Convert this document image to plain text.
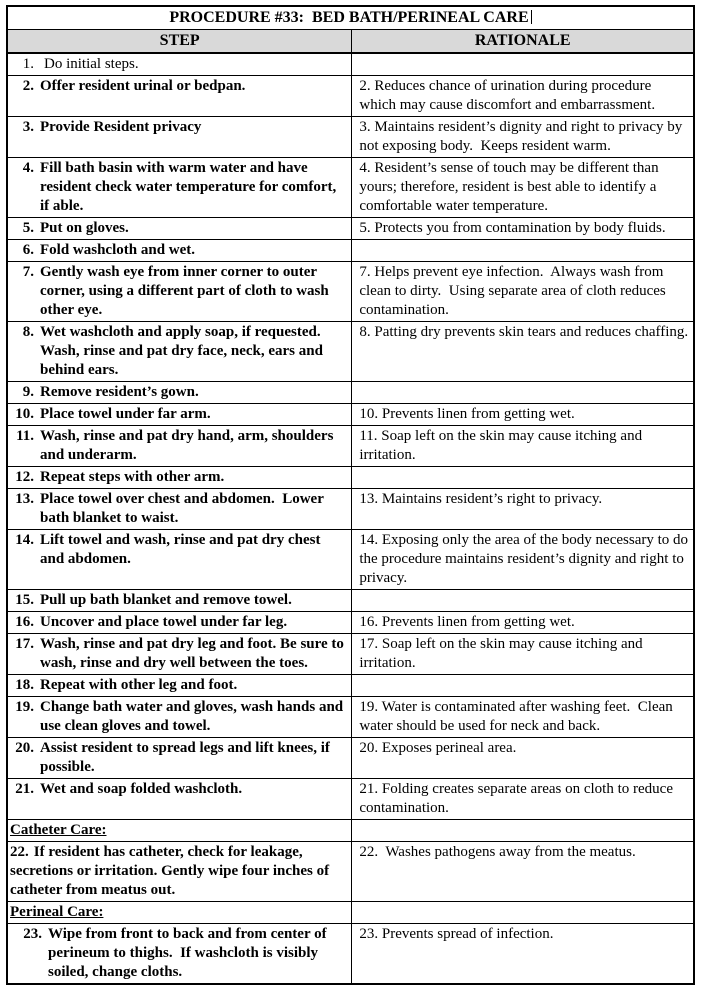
PROCEDURE #33:  BED BATH/PERINEAL CARE	
STEP	RATIONALE

1. Do initial steps.	

2. Offer resident urinal or bedpan.	2. Reduces chance of urination during procedure which may cause discomfort and embarrassment.

3. Provide Resident privacy	3. Maintains resident’s dignity and right to privacy by not exposing body.  Keeps resident warm.

4. Fill bath basin with warm water and have resident check water temperature for comfort, if able.	4. Resident’s sense of touch may be different than yours; therefore, resident is best able to identify a comfortable water temperature.

5. Put on gloves.	5. Protects you from contamination by body fluids.

6. Fold washcloth and wet.	

7. Gently wash eye from inner corner to outer corner, using a different part of cloth to wash other eye.	7. Helps prevent eye infection.  Always wash from clean to dirty.  Using separate area of cloth reduces contamination.

8. Wet washcloth and apply soap, if requested.  Wash, rinse and pat dry face, neck, ears and behind ears.	8. Patting dry prevents skin tears and reduces chaffing.

9. Remove resident’s gown.	

10. Place towel under far arm.	10. Prevents linen from getting wet.

11. Wash, rinse and pat dry hand, arm, shoulders and underarm.	11. Soap left on the skin may cause itching and irritation.

12. Repeat steps with other arm.	

13. Place towel over chest and abdomen.  Lower bath blanket to waist.	13. Maintains resident’s right to privacy.

14. Lift towel and wash, rinse and pat dry chest and abdomen.	14. Exposing only the area of the body necessary to do the procedure maintains resident’s dignity and right to privacy.

15. Pull up bath blanket and remove towel.	

16. Uncover and place towel under far leg.	16. Prevents linen from getting wet.

17. Wash, rinse and pat dry leg and foot. Be sure to wash, rinse and dry well between the toes.	17. Soap left on the skin may cause itching and irritation.

18. Repeat with other leg and foot.	

19. Change bath water and gloves, wash hands and use clean gloves and towel.	19. Water is contaminated after washing feet.  Clean water should be used for neck and back.

20. Assist resident to spread legs and lift knees, if possible.	20. Exposes perineal area.

21. Wet and soap folded washcloth.	21. Folding creates separate areas on cloth to reduce contamination.
Catheter Care:	

22. If resident has catheter, check for leakage, secretions or irritation. Gently wipe four inches of catheter from meatus out.	22.  Washes pathogens away from the meatus.
Perineal Care:	

23. Wipe from front to back and from center of perineum to thighs.  If washcloth is visibly soiled, change cloths.	23. Prevents spread of infection.
